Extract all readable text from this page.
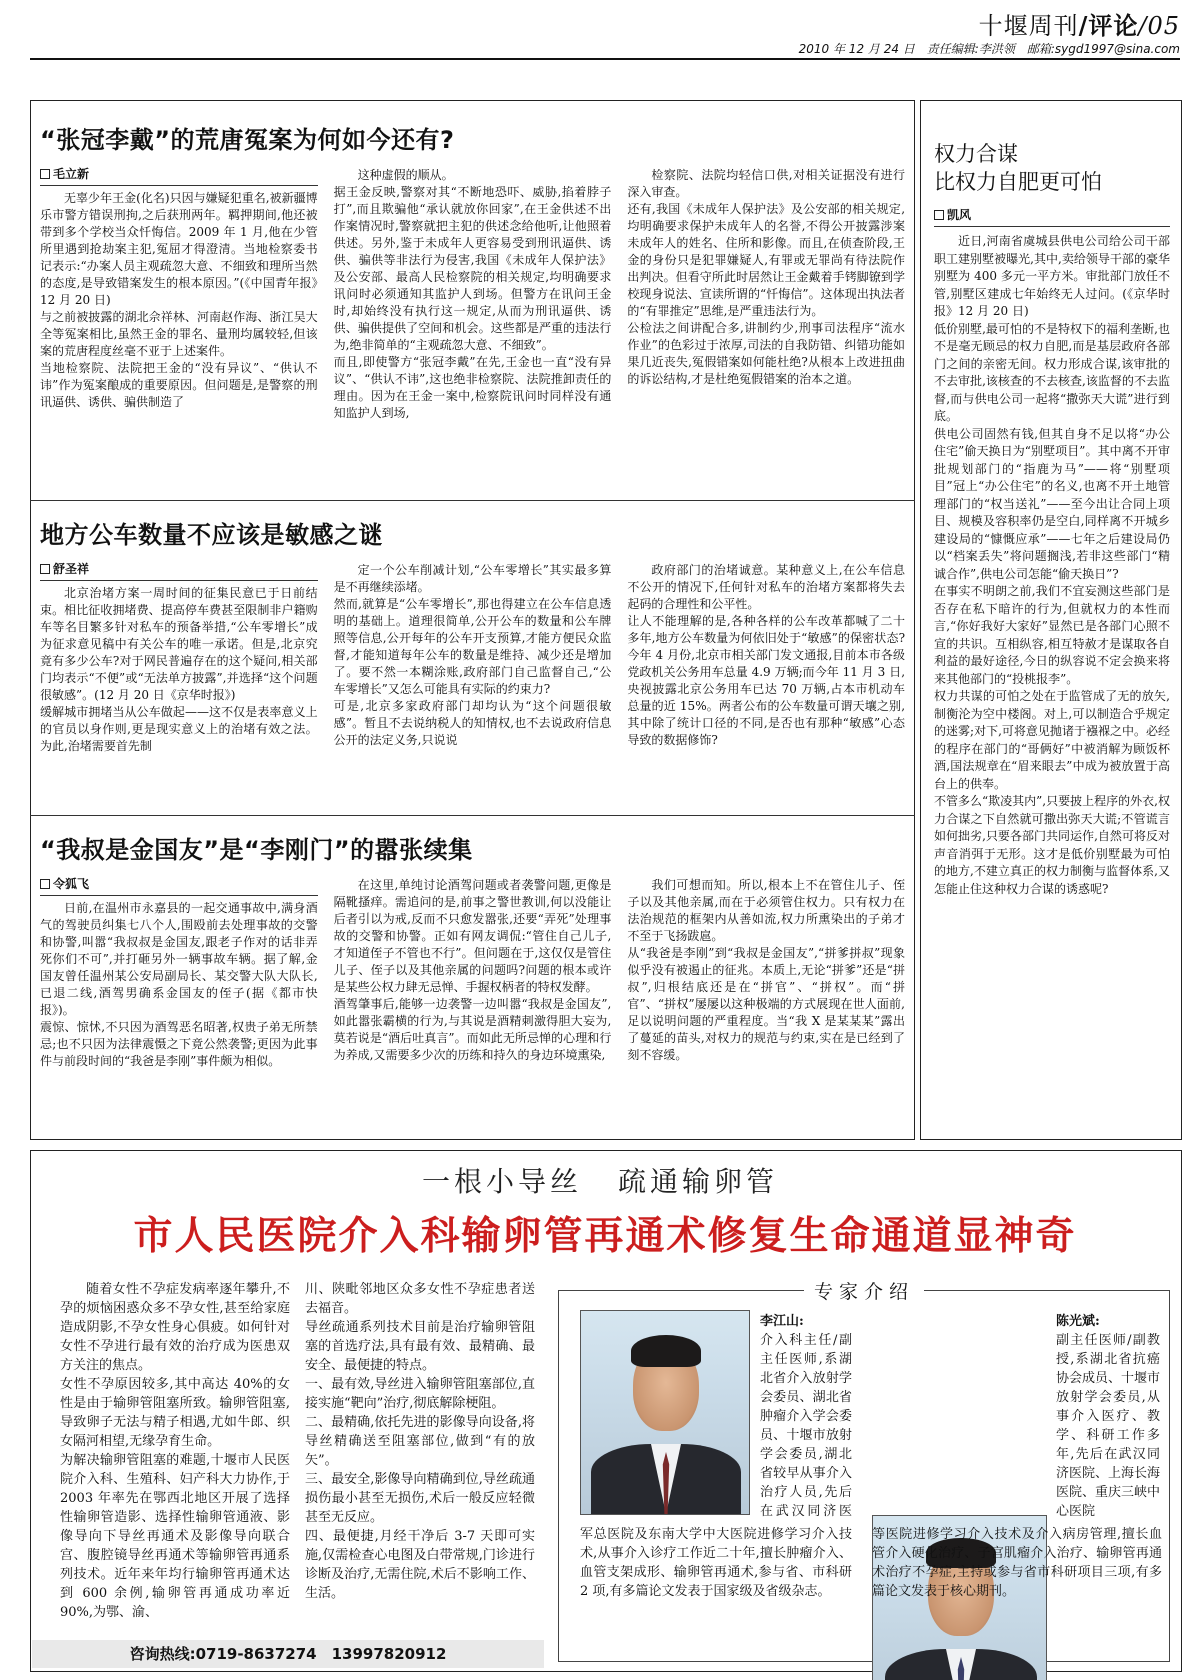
十堰周刊/评论/05
2010 年 12 月 24 日　责任编辑:李洪领　邮箱:sygd1997@sina.com
“张冠李戴”的荒唐冤案为何如今还有?
毛立新

无辜少年王金(化名)只因与嫌疑犯重名,被新疆博乐市警方错误刑拘,之后获刑两年。羁押期间,他还被带到多个学校当众忏悔信。2009 年 1 月,他在少管所里遇到抢劫案主犯,冤屈才得澄清。当地检察委书记表示:“办案人员主观疏忽大意、不细致和理所当然的态度,是导致错案发生的根本原因。”(《中国青年报》12 月 20 日)
与之前被披露的湖北佘祥林、河南赵作海、浙江吴大全等冤案相比,虽然王金的罪名、量刑均属较轻,但该案的荒唐程度丝毫不亚于上述案件。
当地检察院、法院把王金的“没有异议”、“供认不讳”作为冤案酿成的重要原因。但问题是,是警察的刑讯逼供、诱供、骗供制造了

这种虚假的顺从。
据王金反映,警察对其“不断地恐吓、威胁,掐着脖子打”,而且欺骗他“承认就放你回家”,在王金供述不出作案情况时,警察就把主犯的供述念给他听,让他照着供述。另外,鉴于未成年人更容易受到刑讯逼供、诱供、骗供等非法行为侵害,我国《未成年人保护法》及公安部、最高人民检察院的相关规定,均明确要求讯问时必须通知其监护人到场。但警方在讯问王金时,却始终没有执行这一规定,从而为刑讯逼供、诱供、骗供提供了空间和机会。这些都是严重的违法行为,绝非简单的“主观疏忽大意、不细致”。
而且,即使警方“张冠李戴”在先,王金也一直“没有异议”、“供认不讳”,这也绝非检察院、法院推卸责任的理由。因为在王金一案中,检察院讯问时同样没有通知监护人到场,

检察院、法院均轻信口供,对相关证据没有进行深入审查。
还有,我国《未成年人保护法》及公安部的相关规定,均明确要求保护未成年人的名誉,不得公开披露涉案未成年人的姓名、住所和影像。而且,在侦查阶段,王金的身份只是犯罪嫌疑人,有罪或无罪尚有待法院作出判决。但看守所此时居然让王金戴着手铐脚镣到学校现身说法、宣读所谓的“忏悔信”。这体现出执法者的“有罪推定”思维,是严重违法行为。
公检法之间讲配合多,讲制约少,刑事司法程序“流水作业”的色彩过于浓厚,司法的自我防错、纠错功能如果几近丧失,冤假错案如何能杜绝?从根本上改进扭曲的诉讼结构,才是杜绝冤假错案的治本之道。

地方公车数量不应该是敏感之谜
舒圣祥

北京治堵方案一周时间的征集民意已于日前结束。相比征收拥堵费、提高停车费甚至限制非户籍购车等名目繁多针对私车的预备举措,“公车零增长”成为征求意见稿中有关公车的唯一承诺。但是,北京究竟有多少公车?对于网民普遍存在的这个疑问,相关部门均表示“不便”或“无法单方披露”,并选择“这个问题很敏感”。(12 月 20 日《京华时报》)
缓解城市拥堵当从公车做起——这不仅是表率意义上的官员以身作则,更是现实意义上的治堵有效之法。为此,治堵需要首先制

定一个公车削减计划,“公车零增长”其实最多算是不再继续添堵。
然而,就算是“公车零增长”,那也得建立在公车信息透明的基础上。道理很简单,公开公车的数量和公车牌照等信息,公开每年的公车开支预算,才能方便民众监督,才能知道每年公车的数量是维持、减少还是增加了。要不然一本糊涂账,政府部门自己监督自己,“公车零增长”又怎么可能具有实际的约束力?
可是,北京多家政府部门却均认为“这个问题很敏感”。暂且不去说纳税人的知情权,也不去说政府信息公开的法定义务,只说说

政府部门的治堵诚意。某种意义上,在公车信息不公开的情况下,任何针对私车的治堵方案都将失去起码的合理性和公平性。
让人不能理解的是,各种各样的公车改革都喊了二十多年,地方公车数量为何依旧处于“敏感”的保密状态?今年 4 月份,北京市相关部门发文通报,目前本市各级党政机关公务用车总量 4.9 万辆;而今年 11 月 3 日,央视披露北京公务用车已达 70 万辆,占本市机动车总量的近 15%。两者公布的公车数量可谓天壤之别,其中除了统计口径的不同,是否也有那种“敏感”心态导致的数据修饰?

“我叔是金国友”是“李刚门”的嚣张续集
令狐飞

日前,在温州市永嘉县的一起交通事故中,满身酒气的驾驶员纠集七八个人,围殴前去处理事故的交警和协警,叫嚣“我叔叔是金国友,跟老子作对的话非弄死你们不可”,并打砸另外一辆事故车辆。据了解,金国友曾任温州某公安局副局长、某交警大队大队长,已退二线,酒驾男确系金国友的侄子(据《都市快报》)。
震惊、惊怵,不只因为酒驾恶名昭著,权贵子弟无所禁忌;也不只因为法律震慑之下竟公然袭警;更因为此事件与前段时间的“我爸是李刚”事件颇为相似。

在这里,单纯讨论酒驾问题或者袭警问题,更像是隔靴搔痒。需追问的是,前事之警世教训,何以没能让后者引以为戒,反而不只愈发嚣张,还要“弄死”处理事故的交警和协警。正如有网友调侃:“管住自己儿子,才知道侄子不管也不行”。但问题在于,这仅仅是管住儿子、侄子以及其他亲属的问题吗?问题的根本或许是某些公权力肆无忌惮、手握权柄者的特权发酵。
酒驾肇事后,能够一边袭警一边叫嚣“我叔是金国友”,如此嚣张霸横的行为,与其说是酒精刺激得胆大妄为,莫若说是“酒后吐真言”。而如此无所忌惮的心理和行为养成,又需要多少次的历练和持久的身边环境熏染,

我们可想而知。所以,根本上不在管住儿子、侄子以及其他亲属,而在于必须管住权力。只有权力在法治规范的框架内从善如流,权力所熏染出的子弟才不至于飞扬跋扈。
从“我爸是李刚”到“我叔是金国友”,“拼爹拼叔”现象似乎没有被遏止的征兆。本质上,无论“拼爹”还是“拼叔”,归根结底还是在“拼官”、“拼权”。而“拼官”、“拼权”屡屡以这种极端的方式展现在世人面前,足以说明问题的严重程度。当“我 X 是某某某”露出了蔓延的苗头,对权力的规范与约束,实在是已经到了刻不容缓。

权力合谋
比权力自肥更可怕
凯风

近日,河南省虞城县供电公司给公司干部职工建别墅被曝光,其中,卖给领导干部的豪华别墅为 400 多元一平方米。审批部门放任不管,别墅区建成七年始终无人过问。(《京华时报》12 月 20 日)
低价别墅,最可怕的不是特权下的福利垄断,也不是毫无顾忌的权力自肥,而是基层政府各部门之间的亲密无间。权力形成合谋,该审批的不去审批,该核查的不去核查,该监督的不去监督,而与供电公司一起将“撒弥天大谎”进行到底。
供电公司固然有钱,但其自身不足以将“办公住宅”偷天换日为“别墅项目”。其中离不开审批规划部门的“指鹿为马”——将“别墅项目”冠上“办公住宅”的名义,也离不开土地管理部门的“权当送礼”——至今出让合同上项目、规模及容积率仍是空白,同样离不开城乡建设局的“慷慨应承”——七年之后建设局仍以“档案丢失”将问题搁浅,若非这些部门“精诚合作”,供电公司怎能“偷天换日”?
在事实不明朗之前,我们不宜妄测这些部门是否存在私下暗许的行为,但就权力的本性而言,“你好我好大家好”显然已是各部门心照不宣的共识。互相纵容,相互特赦才是谋取各自利益的最好途径,今日的纵容说不定会换来将来其他部门的“投桃报李”。
权力共谋的可怕之处在于监管成了无的放矢,制衡沦为空中楼阁。对上,可以制造合乎规定的迷雾;对下,可将意见抛诸于襁褓之中。必经的程序在部门的“哥俩好”中被消解为顾饭杯酒,国法规章在“眉来眼去”中成为被放置于高台上的供奉。
不管多么“欺凌其内”,只要披上程序的外衣,权力合谋之下自然就可撒出弥天大谎;不管谎言如何拙劣,只要各部门共同运作,自然可将反对声音消弭于无形。这才是低价别墅最为可怕的地方,不建立真正的权力制衡与监督体系,又怎能止住这种权力合谋的诱惑呢?

一根小导丝 疏通输卵管
市人民医院介入科输卵管再通术修复生命通道显神奇

随着女性不孕症发病率逐年攀升,不孕的烦恼困惑众多不孕女性,甚至给家庭造成阴影,不孕女性身心俱疲。如何针对女性不孕进行最有效的治疗成为医患双方关注的焦点。
女性不孕原因较多,其中高达 40%的女性是由于输卵管阻塞所致。输卵管阻塞,导致卵子无法与精子相遇,尤如牛郎、织女隔河相望,无缘孕育生命。
为解决输卵管阻塞的难题,十堰市人民医院介入科、生殖科、妇产科大力协作,于 2003 年率先在鄂西北地区开展了选择性输卵管造影、选择性输卵管通液、影像导向下导丝再通术及影像导向联合宫、腹腔镜导丝再通术等输卵管再通系列技术。近年来年均行输卵管再通术达到 600 余例,输卵管再通成功率近 90%,为鄂、渝、

川、陕毗邻地区众多女性不孕症患者送去福音。
导丝疏通系列技术目前是治疗输卵管阻塞的首选疗法,具有最有效、最精确、最安全、最便捷的特点。
一、最有效,导丝进入输卵管阻塞部位,直接实施“靶向”治疗,彻底解除梗阻。
二、最精确,依托先进的影像导向设备,将导丝精确送至阻塞部位,做到“有的放矢”。
三、最安全,影像导向精确到位,导丝疏通损伤最小甚至无损伤,术后一般反应轻微甚至无反应。
四、最便捷,月经干净后 3-7 天即可实施,仅需检查心电图及白带常规,门诊进行诊断及治疗,无需住院,术后不影响工作、生活。

咨询热线:0719-8637274　13997820912
专家介绍
李江山:
介入科主任/副主任医师,系湖北省介入放射学会委员、湖北省肿瘤介入学会委员、十堰市放射学会委员,湖北省较早从事介入治疗人员,先后在武汉同济医
军总医院及东南大学中大医院进修学习介入技术,从事介入诊疗工作近二十年,擅长肿瘤介入、血管支架成形、输卵管再通术,参与省、市科研 2 项,有多篇论文发表于国家级及省级杂志。
陈光斌:
副主任医师/副教授,系湖北省抗癌协会成员、十堰市放射学会委员,从事介入医疗、教学、科研工作多年,先后在武汉同济医院、上海长海医院、重庆三峡中心医院
等医院进修学习介入技术及介入病房管理,擅长血管介入硬化治疗、子宫肌瘤介入治疗、输卵管再通术治疗不孕症,主持或参与省市科研项目三项,有多篇论文发表于核心期刊。
